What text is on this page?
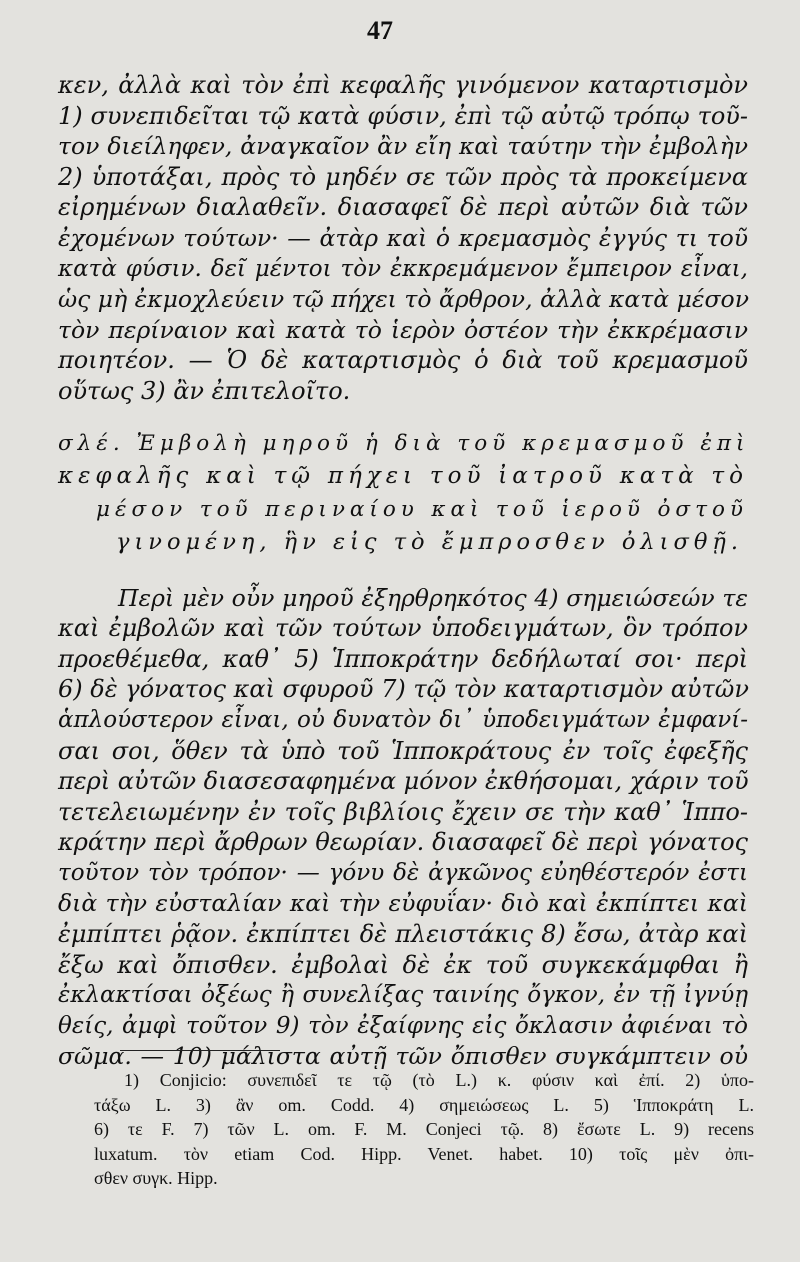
47
κεν, ἀλλὰ καὶ τὸν ἐπὶ κεφαλῆς γινόμενον καταρτισμὸν
1) συνεπιδεῖται τῷ κατὰ φύσιν, ἐπὶ τῷ αὐτῷ τρόπῳ τοῦ-
τον διείληφεν, ἀναγκαῖον ἂν εἴη καὶ ταύτην τὴν ἐμβολὴν
2) ὑποτάξαι, πρὸς τὸ μηδέν σε τῶν πρὸς τὰ προκείμενα
εἰρημένων διαλαθεῖν. διασαφεῖ δὲ περὶ αὐτῶν διὰ τῶν
ἐχομένων τούτων· — ἀτὰρ καὶ ὁ κρεμασμὸς ἐγγύς τι τοῦ
κατὰ φύσιν. δεῖ μέντοι τὸν ἐκκρεμάμενον ἔμπειρον εἶναι,
ὡς μὴ ἐκμοχλεύειν τῷ πήχει τὸ ἄρθρον, ἀλλὰ κατὰ μέσον
τὸν περίναιον καὶ κατὰ τὸ ἱερὸν ὀστέον τὴν ἐκκρέμασιν
ποιητέον. — Ὁ δὲ καταρτισμὸς ὁ διὰ τοῦ κρεμασμοῦ
οὕτως 3) ἂν ἐπιτελοῖτο.
σλέ. Ἐμβολὴ μηροῦ ἡ διὰ τοῦ κρεμασμοῦ ἐπὶ
κεφαλῆς καὶ τῷ πήχει τοῦ ἰατροῦ κατὰ τὸ
μέσον τοῦ περιναίου καὶ τοῦ ἱεροῦ ὀστοῦ
γινομένη, ἣν εἰς τὸ ἔμπροσθεν ὀλισθῇ.
Περὶ μὲν οὖν μηροῦ ἐξηρθρηκότος 4) σημειώσεών τε
καὶ ἐμβολῶν καὶ τῶν τούτων ὑποδειγμάτων, ὃν τρόπον
προεθέμεθα, καθ᾽ 5) Ἱπποκράτην δεδήλωταί σοι· περὶ
6) δὲ γόνατος καὶ σφυροῦ 7) τῷ τὸν καταρτισμὸν αὐτῶν
ἁπλούστερον εἶναι, οὐ δυνατὸν δι᾽ ὑποδειγμάτων ἐμφανί-
σαι σοι, ὅθεν τὰ ὑπὸ τοῦ Ἱπποκράτους ἐν τοῖς ἐφεξῆς
περὶ αὐτῶν διασεσαφημένα μόνον ἐκθήσομαι, χάριν τοῦ
τετελειωμένην ἐν τοῖς βιβλίοις ἔχειν σε τὴν καθ᾽ Ἱππο-
κράτην περὶ ἄρθρων θεωρίαν. διασαφεῖ δὲ περὶ γόνατος
τοῦτον τὸν τρόπον· — γόνυ δὲ ἀγκῶνος εὐηθέστερόν ἐστι
διὰ τὴν εὐσταλίαν καὶ τὴν εὐφυΐαν· διὸ καὶ ἐκπίπτει καὶ
ἐμπίπτει ῥᾷον. ἐκπίπτει δὲ πλειστάκις 8) ἔσω, ἀτὰρ καὶ
ἔξω καὶ ὄπισθεν. ἐμβολαὶ δὲ ἐκ τοῦ συγκεκάμφθαι ἢ
ἐκλακτίσαι ὀξέως ἢ συνελίξας ταινίης ὄγκον, ἐν τῇ ἰγνύῃ
θείς, ἀμφὶ τοῦτον 9) τὸν ἐξαίφνης εἰς ὄκλασιν ἀφιέναι τὸ
σῶμα. — 10) μάλιστα αὐτῇ τῶν ὄπισθεν συγκάμπτειν οὐ
1) Conjicio: συνεπιδεῖ τε τῷ (τὸ L.) κ. φύσιν καὶ ἐπί. 2) ὑπο-
τάξω L. 3) ἂν om. Codd. 4) σημειώσεως L. 5) Ἱπποκράτη L.
6) τε F. 7) τῶν L. om. F. M. Conjeci τῷ. 8) ἔσωτε L. 9) recens
luxatum. τὸν etiam Cod. Hipp. Venet. habet. 10) τοῖς μὲν ὀπι-
σθεν συγκ. Hipp.
